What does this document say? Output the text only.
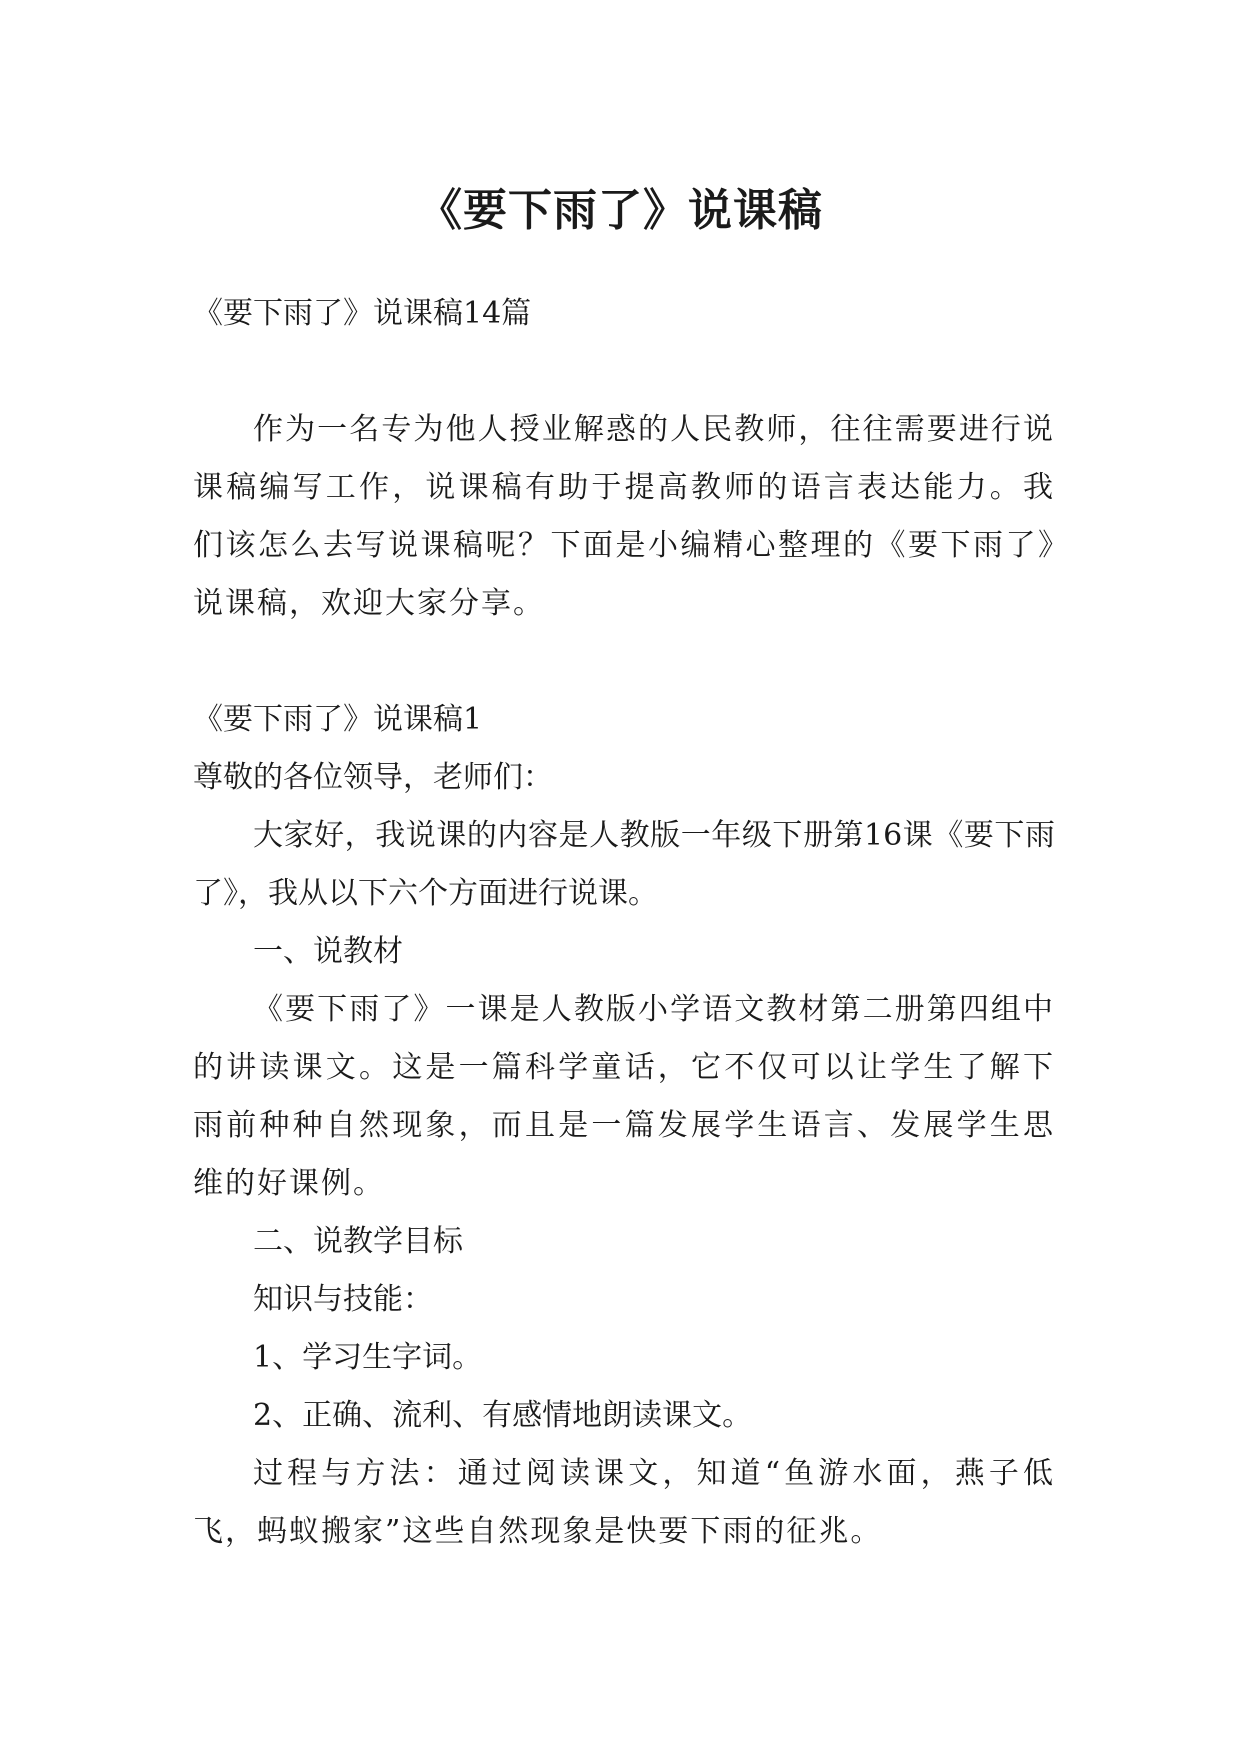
《要下雨了》说课稿

《要下雨了》说课稿14篇

作为一名专为他人授业解惑的人民教师，往往需要进行说课稿编写工作，说课稿有助于提高教师的语言表达能力。我们该怎么去写说课稿呢？下面是小编精心整理的《要下雨了》说课稿，欢迎大家分享。

《要下雨了》说课稿1

尊敬的各位领导，老师们：

大家好，我说课的内容是人教版一年级下册第16课《要下雨了》，我从以下六个方面进行说课。

一、说教材

《要下雨了》一课是人教版小学语文教材第二册第四组中的讲读课文。这是一篇科学童话，它不仅可以让学生了解下雨前种种自然现象，而且是一篇发展学生语言、发展学生思维的好课例。

二、说教学目标

知识与技能：

1、学习生字词。

2、正确、流利、有感情地朗读课文。

过程与方法：通过阅读课文，知道“鱼游水面，燕子低飞，蚂蚁搬家”这些自然现象是快要下雨的征兆。
